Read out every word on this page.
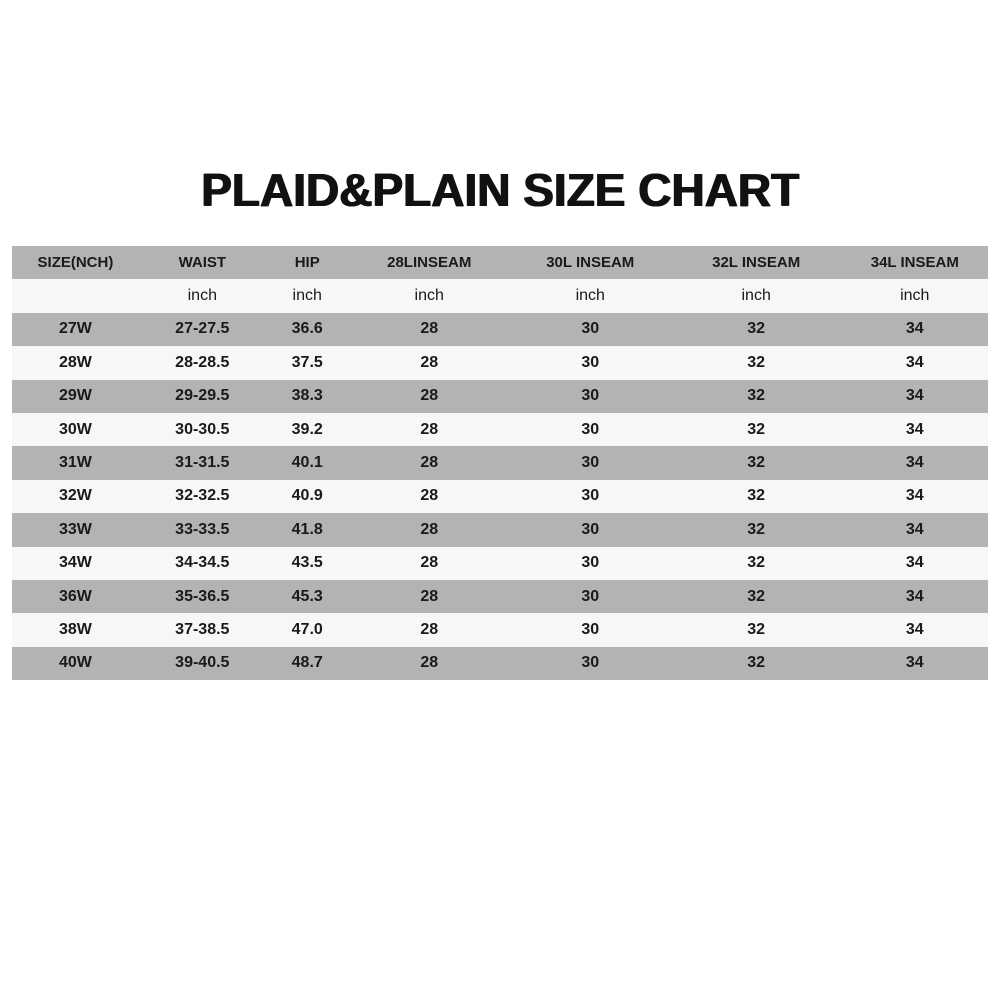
PLAID&PLAIN SIZE CHART
SIZE(NCH)	WAIST	HIP	28LINSEAM	30L INSEAM	32L INSEAM	34L INSEAM
	inch	inch	inch	inch	inch	inch
27W	27-27.5	36.6	28	30	32	34
28W	28-28.5	37.5	28	30	32	34
29W	29-29.5	38.3	28	30	32	34
30W	30-30.5	39.2	28	30	32	34
31W	31-31.5	40.1	28	30	32	34
32W	32-32.5	40.9	28	30	32	34
33W	33-33.5	41.8	28	30	32	34
34W	34-34.5	43.5	28	30	32	34
36W	35-36.5	45.3	28	30	32	34
38W	37-38.5	47.0	28	30	32	34
40W	39-40.5	48.7	28	30	32	34
